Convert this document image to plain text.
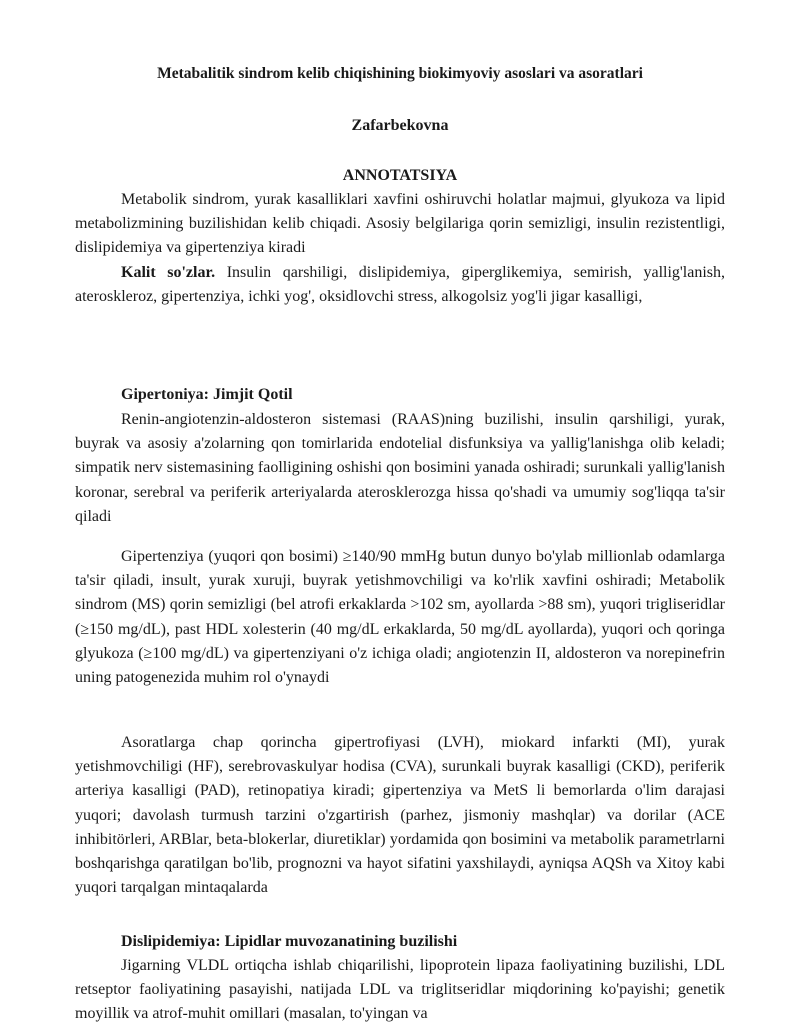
Metabalitik sindrom kelib chiqishining biokimyoviy asoslari va asoratlari
Zafarbekovna
ANNOTATSIYA

Metabolik sindrom, yurak kasalliklari xavfini oshiruvchi holatlar majmui, glyukoza va lipid metabolizmining buzilishidan kelib chiqadi. Asosiy belgilariga qorin semizligi, insulin rezistentligi, dislipidemiya va gipertenziya kiradi

Kalit so'zlar. Insulin qarshiligi, dislipidemiya, giperglikemiya, semirish, yallig'lanish, ateroskleroz, gipertenziya, ichki yog', oksidlovchi stress, alkogolsiz yog'li jigar kasalligi,

Gipertoniya: Jimjit Qotil

Renin-angiotenzin-aldosteron sistemasi (RAAS)ning buzilishi, insulin qarshiligi, yurak, buyrak va asosiy a'zolarning qon tomirlarida endotelial disfunksiya va yallig'lanishga olib keladi; simpatik nerv sistemasining faolligining oshishi qon bosimini yanada oshiradi; surunkali yallig'lanish koronar, serebral va periferik arteriyalarda aterosklerozga hissa qo'shadi va umumiy sog'liqqa ta'sir qiladi

Gipertenziya (yuqori qon bosimi) ≥140/90 mmHg butun dunyo bo'ylab millionlab odamlarga ta'sir qiladi, insult, yurak xuruji, buyrak yetishmovchiligi va ko'rlik xavfini oshiradi; Metabolik sindrom (MS) qorin semizligi (bel atrofi erkaklarda >102 sm, ayollarda >88 sm), yuqori trigliseridlar (≥150 mg/dL), past HDL xolesterin (40 mg/dL erkaklarda, 50 mg/dL ayollarda), yuqori och qoringa glyukoza (≥100 mg/dL) va gipertenziyani o'z ichiga oladi; angiotenzin II, aldosteron va norepinefrin uning patogenezida muhim rol o'ynaydi

Asoratlarga chap qorincha gipertrofiyasi (LVH), miokard infarkti (MI), yurak yetishmovchiligi (HF), serebrovaskulyar hodisa (CVA), surunkali buyrak kasalligi (CKD), periferik arteriya kasalligi (PAD), retinopatiya kiradi; gipertenziya va MetS li bemorlarda o'lim darajasi yuqori; davolash turmush tarzini o'zgartirish (parhez, jismoniy mashqlar) va dorilar (ACE inhibitörleri, ARBlar, beta-blokerlar, diuretiklar) yordamida qon bosimini va metabolik parametrlarni boshqarishga qaratilgan bo'lib, prognozni va hayot sifatini yaxshilaydi, ayniqsa AQSh va Xitoy kabi yuqori tarqalgan mintaqalarda

Dislipidemiya: Lipidlar muvozanatining buzilishi

Jigarning VLDL ortiqcha ishlab chiqarilishi, lipoprotein lipaza faoliyatining buzilishi, LDL retseptor faoliyatining pasayishi, natijada LDL va triglitseridlar miqdorining ko'payishi; genetik moyillik va atrof-muhit omillari (masalan, to'yingan va
